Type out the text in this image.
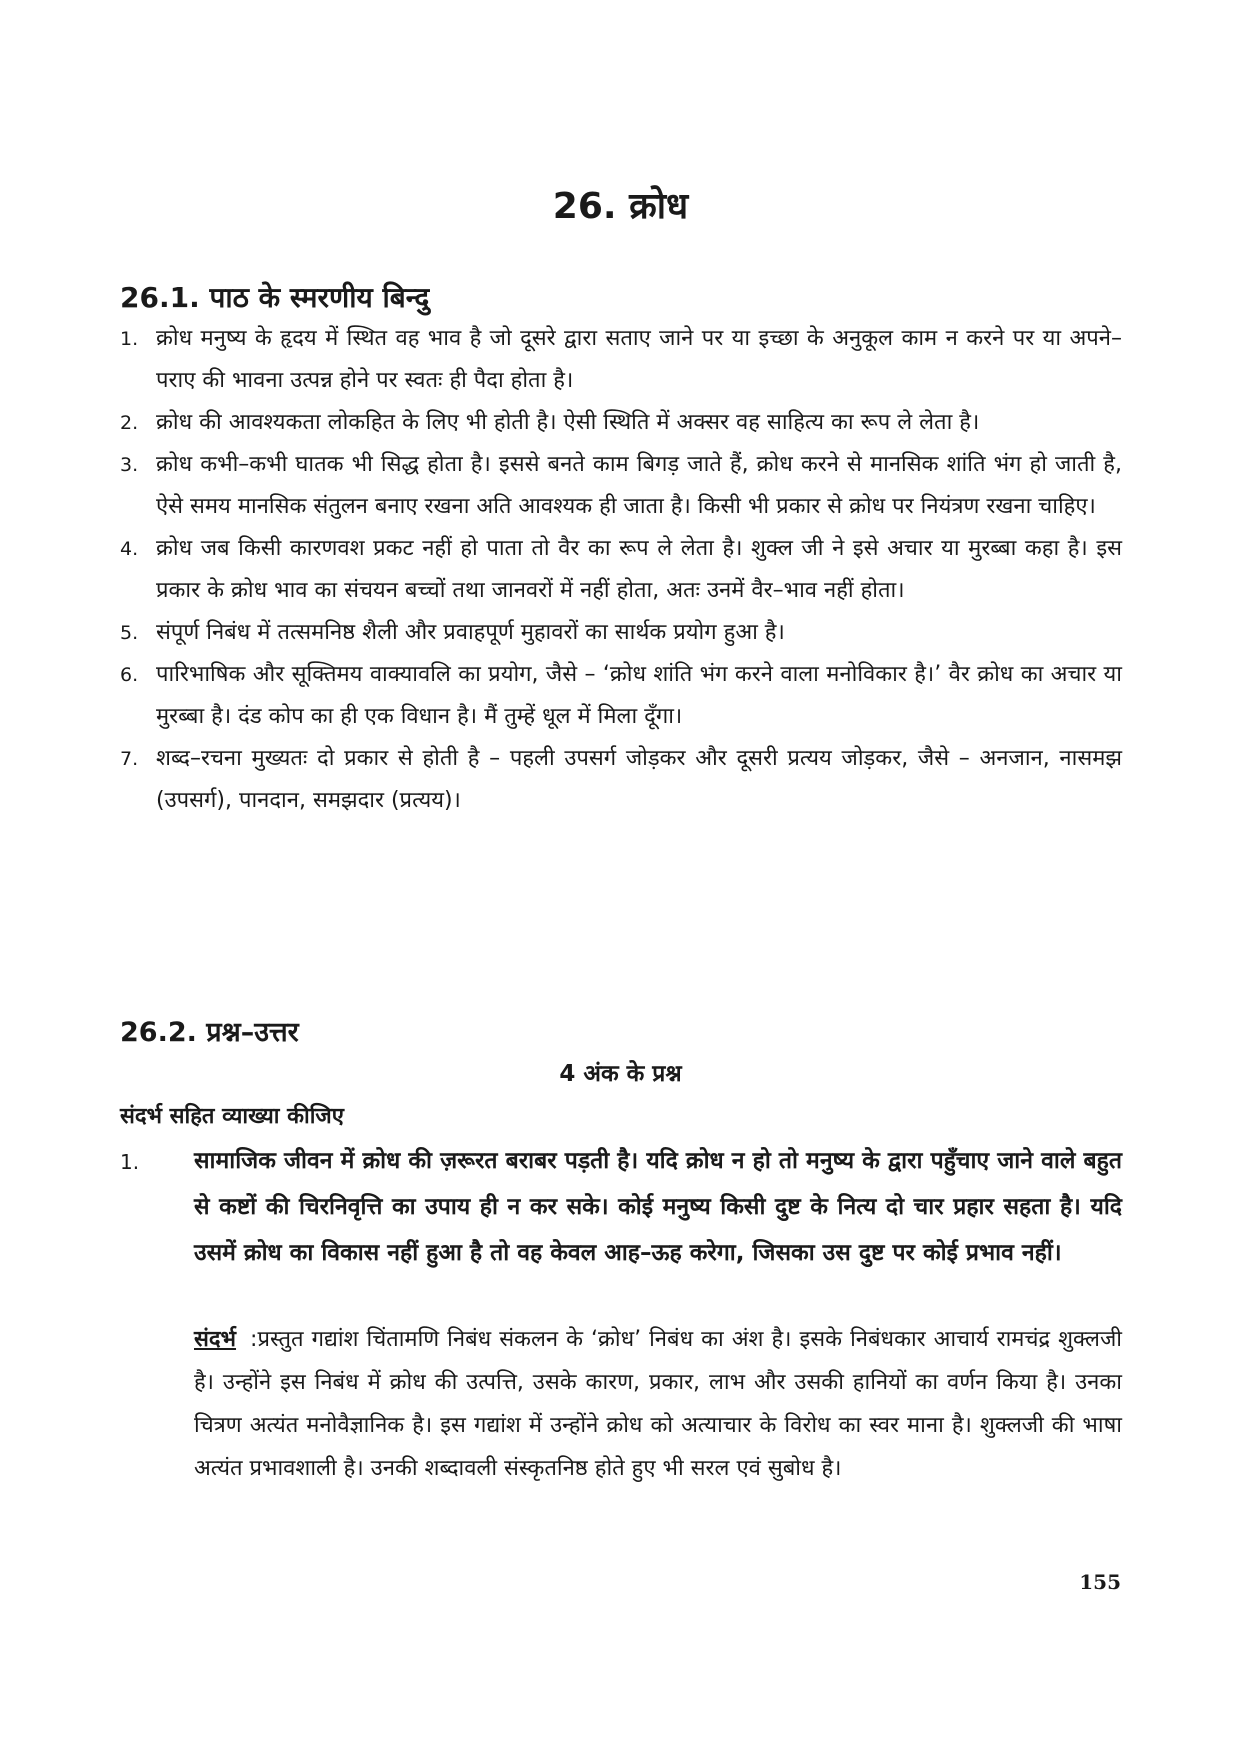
26. क्रोध
26.1. पाठ के स्मरणीय बिन्दु
1. क्रोध मनुष्य के हृदय में स्थित वह भाव है जो दूसरे द्वारा सताए जाने पर या इच्छा के अनुकूल काम न करने पर या अपने–पराए की भावना उत्पन्न होने पर स्वतः ही पैदा होता है।
2. क्रोध की आवश्यकता लोकहित के लिए भी होती है। ऐसी स्थिति में अक्सर वह साहित्य का रूप ले लेता है।
3. क्रोध कभी–कभी घातक भी सिद्ध होता है। इससे बनते काम बिगड़ जाते हैं, क्रोध करने से मानसिक शांति भंग हो जाती है, ऐसे समय मानसिक संतुलन बनाए रखना अति आवश्यक ही जाता है। किसी भी प्रकार से क्रोध पर नियंत्रण रखना चाहिए।
4. क्रोध जब किसी कारणवश प्रकट नहीं हो पाता तो वैर का रूप ले लेता है। शुक्ल जी ने इसे अचार या मुरब्बा कहा है। इस प्रकार के क्रोध भाव का संचयन बच्चों तथा जानवरों में नहीं होता, अतः उनमें वैर–भाव नहीं होता।
5. संपूर्ण निबंध में तत्समनिष्ठ शैली और प्रवाहपूर्ण मुहावरों का सार्थक प्रयोग हुआ है।
6. पारिभाषिक और सूक्तिमय वाक्यावलि का प्रयोग, जैसे – ‘क्रोध शांति भंग करने वाला मनोविकार है।’ वैर क्रोध का अचार या मुरब्बा है। दंड कोप का ही एक विधान है। मैं तुम्हें धूल में मिला दूँगा।
7. शब्द–रचना मुख्यतः दो प्रकार से होती है – पहली उपसर्ग जोड़कर और दूसरी प्रत्यय जोड़कर, जैसे – अनजान, नासमझ (उपसर्ग), पानदान, समझदार (प्रत्यय)।
26.2. प्रश्न–उत्तर
4 अंक के प्रश्न

संदर्भ सहित व्याख्या कीजिए

1. सामाजिक जीवन में क्रोध की ज़रूरत बराबर पड़ती है। यदि क्रोध न हो तो मनुष्य के द्वारा पहुँचाए जाने वाले बहुत से कष्टों की चिरनिवृत्ति का उपाय ही न कर सके। कोई मनुष्य किसी दुष्ट के नित्य दो चार प्रहार सहता है। यदि उसमें क्रोध का विकास नहीं हुआ है तो वह केवल आह–ऊह करेगा, जिसका उस दुष्ट पर कोई प्रभाव नहीं।

संदर्भ :प्रस्तुत गद्यांश चिंतामणि निबंध संकलन के ‘क्रोध’ निबंध का अंश है। इसके निबंधकार आचार्य रामचंद्र शुक्लजी है। उन्होंने इस निबंध में क्रोध की उत्पत्ति, उसके कारण, प्रकार, लाभ और उसकी हानियों का वर्णन किया है। उनका चित्रण अत्यंत मनोवैज्ञानिक है। इस गद्यांश में उन्होंने क्रोध को अत्याचार के विरोध का स्वर माना है। शुक्लजी की भाषा अत्यंत प्रभावशाली है। उनकी शब्दावली संस्कृतनिष्ठ होते हुए भी सरल एवं सुबोध है।

155
